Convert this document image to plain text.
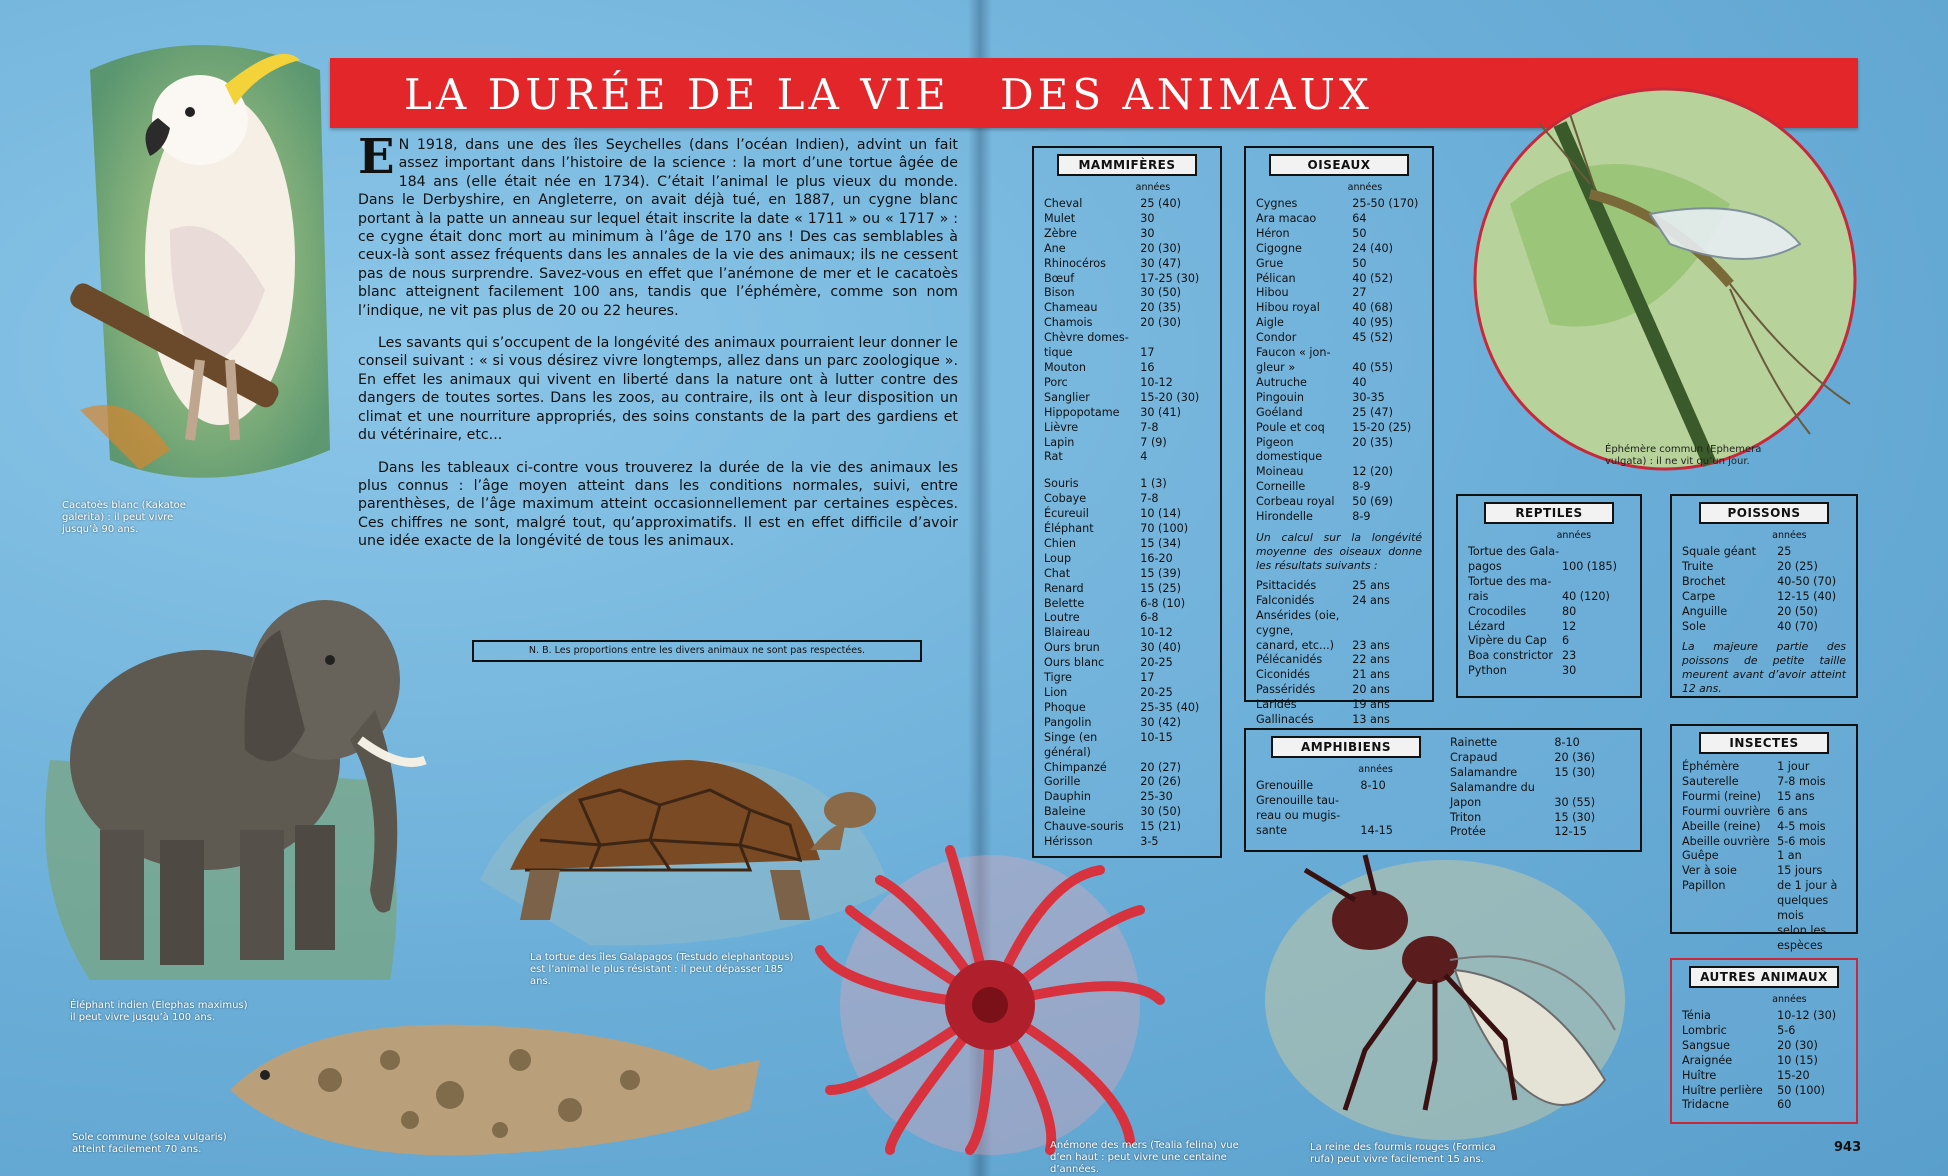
LA DURÉE DE LA VIE DES ANIMAUX
Cacatoès blanc (Kakatoe galerita) : il peut vivre jusqu’à 90 ans.
Éléphant indien (Elephas maximus) il peut vivre jusqu’à 100 ans.
La tortue des îles Galapagos (Testudo elephantopus) est l’animal le plus résistant : il peut dépasser 185 ans.
Sole commune (solea vulgaris) atteint facilement 70 ans.	Anémone des mers (Tealia felina) vue d’en haut : peut vivre une centaine d’années.
La reine des fourmis rouges (Formica rufa) peut vivre facilement 15 ans.
Éphémère commun (Ephemera vulgata) : il ne vit qu’un jour.

E N 1918, dans une des îles Seychelles (dans l’océan Indien), advint un fait assez important dans l’histoire de la science : la mort d’une tortue âgée de 184 ans (elle était née en 1734). C’était l’animal le plus vieux du monde. Dans le Derbyshire, en Angleterre, on avait déjà tué, en 1887, un cygne blanc portant à la patte un anneau sur lequel était inscrite la date « 1711 » ou « 1717 » : ce cygne était donc mort au minimum à l’âge de 170 ans ! Des cas semblables à ceux-là sont assez fréquents dans les annales de la vie des animaux; ils ne cessent pas de nous surprendre. Savez-vous en effet que l’anémone de mer et le cacatoès blanc atteignent facilement 100 ans, tandis que l’éphémère, comme son nom l’indique, ne vit pas plus de 20 ou 22 heures.

Les savants qui s’occupent de la longévité des animaux pourraient leur donner le conseil suivant : « si vous désirez vivre longtemps, allez dans un parc zoologique ». En effet les animaux qui vivent en liberté dans la nature ont à lutter contre des dangers de toutes sortes. Dans les zoos, au contraire, ils ont à leur disposition un climat et une nourriture appropriés, des soins constants de la part des gardiens et du vétérinaire, etc...

Dans les tableaux ci-contre vous trouverez la durée de la vie des animaux les plus connus : l’âge moyen atteint dans les conditions normales, suivi, entre parenthèses, de l’âge maximum atteint occasionnellement par certaines espèces. Ces chiffres ne sont, malgré tout, qu’approximatifs. Il est en effet difficile d’avoir une idée exacte de la longévité de tous les animaux.

N. B. Les proportions entre les divers animaux ne sont pas respectées.
MAMMIFÈRES
années
Cheval	25 (40)
Mulet	30
Zèbre	30
Ane	20 (30)
Rhinocéros	30 (47)
Bœuf	17-25 (30)
Bison	30 (50)
Chameau	20 (35)
Chamois	20 (30)
Chèvre domes-
tique	17
Mouton	16
Porc	10-12
Sanglier	15-20 (30)
Hippopotame	30 (41)
Lièvre	7-8
Lapin	7 (9)
Rat	4
Souris	1 (3)
Cobaye	7-8
Écureuil	10 (14)
Éléphant	70 (100)
Chien	15 (34)
Loup	16-20
Chat	15 (39)
Renard	15 (25)
Belette	6-8 (10)
Loutre	6-8
Blaireau	10-12
Ours brun	30 (40)
Ours blanc	20-25
Tigre	17
Lion	20-25
Phoque	25-35 (40)
Pangolin	30 (42)
Singe (en général)
10-15
Chimpanzé	20 (27)
Gorille	20 (26)
Dauphin	25-30
Baleine	30 (50)
Chauve-souris	15 (21)
Hérisson	3-5
OISEAUX
années
Cygnes	25-50 (170)
Ara macao	64
Héron	50
Cigogne	24 (40)
Grue	50
Pélican	40 (52)
Hibou	27
Hibou royal	40 (68)
Aigle	40 (95)
Condor	45 (52)
Faucon « jon-
gleur »	40 (55)
Autruche	40
Pingouin	30-35
Goéland	25 (47)
Poule et coq	15-20 (25)
Pigeon domestique
20 (35)
Moineau	12 (20)
Corneille	8-9
Corbeau royal	50 (69)
Hirondelle	8-9
Un calcul sur la longévité moyenne des oiseaux donne les résultats suivants :
Psittacidés	25 ans
Falconidés	24 ans
Ansérides (oie, cygne,
canard, etc...)	23 ans
Pélécanidés	22 ans
Ciconidés	21 ans
Passéridés	20 ans
Laridés	19 ans
Gallinacés	13 ans
REPTILES
années
Tortue des Gala-
pagos	100 (185)
Tortue des ma-
rais	40 (120)
Crocodiles	80
Lézard	12
Vipère du Cap	6
Boa constrictor 23
Python	30
POISSONS
années
Squale géant	25
Truite	20 (25)
Brochet	40-50 (70)
Carpe	12-15 (40)
Anguille	20 (50)
Sole	40 (70)
La majeure partie des poissons de petite taille meurent avant d’avoir atteint 12 ans.
AMPHIBIENS
années
Grenouille	8-10
Grenouille tau-
reau ou mugis-
sante	14-15
Rainette	8-10
Crapaud	20 (36)
Salamandre	15 (30)
Salamandre du
Japon	30 (55)
Triton	15 (30)
Protée	12-15
INSECTES
Éphémère	1 jour
Sauterelle	7-8 mois
Fourmi (reine)	15 ans
Fourmi ouvrière 6 ans
Abeille (reine)	4-5 mois
Abeille ouvrière 5-6 mois
Guêpe	1 an
Ver à soie	15 jours
Papillon	de 1 jour à
quelques mois
selon les espèces
AUTRES ANIMAUX
années
Ténia	10-12 (30)
Lombric	5-6
Sangsue	20 (30)
Araignée	10 (15)
Huître	15-20
Huître perlière	50 (100)
Tridacne	60
943
